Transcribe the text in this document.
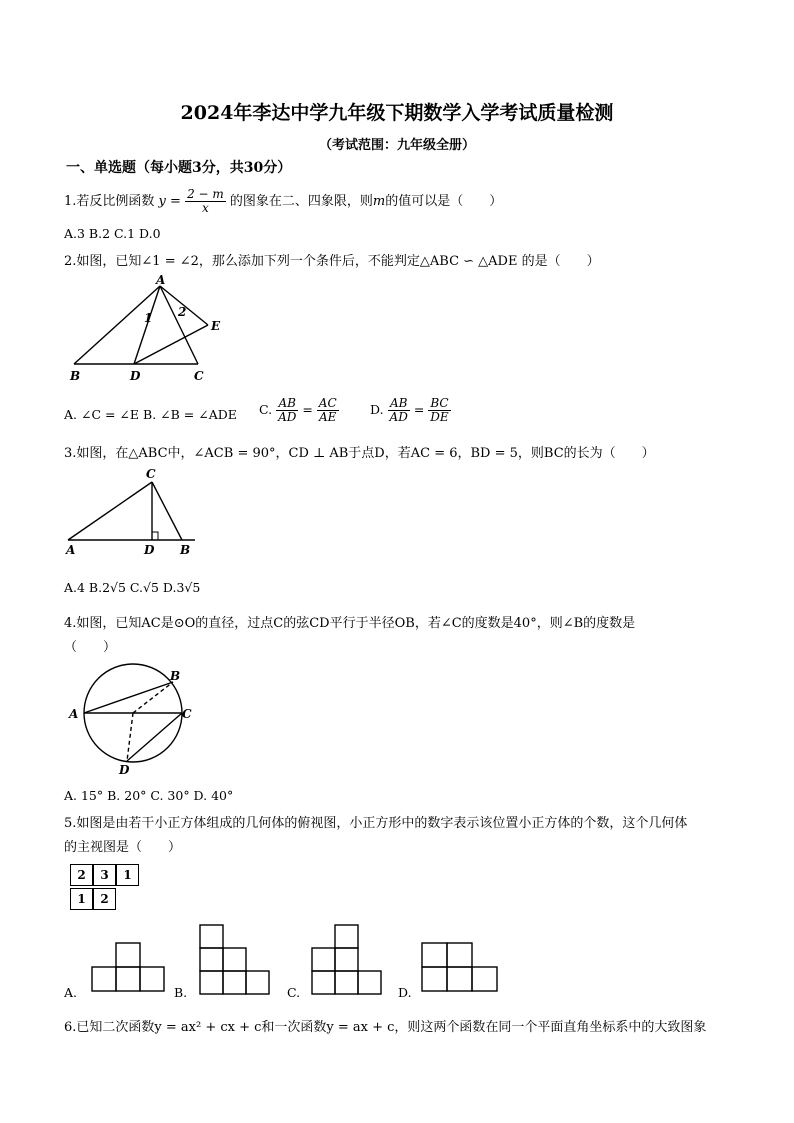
2024年李达中学九年级下期数学入学考试质量检测
（考试范围：九年级全册）
一、单选题（每小题3分，共30分）
1.若反比例函数 $y = \frac{2 - m}{x}$ 的图象在二、四象限，则m的值可以是（　　）
A.3 B.2 C.1 D.0
2.如图，已知∠1 = ∠2，那么添加下列一个条件后，不能判定△ABC ∽ △ADE 的是（　　）
A
E
B	D	C
1 2
A. ∠C = ∠E B. ∠B = ∠ADE C. $\frac{AB}{AD} = \frac{AC}{AE}$	D. $\frac{AB}{AD} = \frac{BC}{DE}$
3.如图，在△ABC中，∠ACB = 90°，CD ⊥ AB于点D，若AC = 6，BD = 5，则BC的长为（　　）
C
A	D B
A.4 B.2√5 C.√5 D.3√5
4.如图，已知AC是⊙O的直径，过点C的弦CD平行于半径OB，若∠C的度数是40°，则∠B的度数是
（　　）
B
A	C
D
A. 15° B. 20° C. 30° D. 40°
5.如图是由若干小正方体组成的几何体的俯视图，小正方形中的数字表示该位置小正方体的个数，这个几何体
的主视图是（　　）
2	3	1
1	2
A.	B.	C.	D.
6.已知二次函数y = ax² + cx + c和一次函数y = ax + c，则这两个函数在同一个平面直角坐标系中的大致图象
